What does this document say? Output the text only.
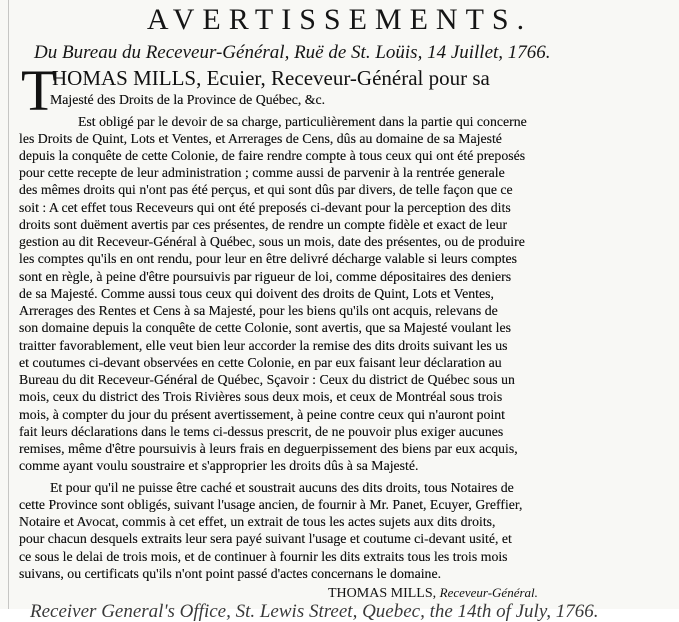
AVERTISSEMENTS.
Du Bureau du Receveur-Général, Ruë de St. Loüis, 14 Juillet, 1766.
T
HOMAS MILLS, Ecuier, Receveur-Général pour sa
Majesté des Droits de la Province de Québec, &c.
Est obligé par le devoir de sa charge, particulièrement dans la partie qui concerne
les Droits de Quint, Lots et Ventes, et Arrerages de Cens, dûs au domaine de sa Majesté
depuis la conquête de cette Colonie, de faire rendre compte à tous ceux qui ont été preposés
pour cette recepte de leur administration ; comme aussi de parvenir à la rentrée generale
des mêmes droits qui n'ont pas été perçus, et qui sont dûs par divers, de telle façon que ce
soit : A cet effet tous Receveurs qui ont été preposés ci-devant pour la perception des dits
droits sont duëment avertis par ces présentes, de rendre un compte fidèle et exact de leur
gestion au dit Receveur-Général à Québec, sous un mois, date des présentes, ou de produire
les comptes qu'ils en ont rendu, pour leur en être delivré décharge valable si leurs comptes
sont en règle, à peine d'être poursuivis par rigueur de loi, comme dépositaires des deniers
de sa Majesté. Comme aussi tous ceux qui doivent des droits de Quint, Lots et Ventes,
Arrerages des Rentes et Cens à sa Majesté, pour les biens qu'ils ont acquis, relevans de
son domaine depuis la conquête de cette Colonie, sont avertis, que sa Majesté voulant les
traitter favorablement, elle veut bien leur accorder la remise des dits droits suivant les us
et coutumes ci-devant observées en cette Colonie, en par eux faisant leur déclaration au
Bureau du dit Receveur-Général de Québec, Sçavoir : Ceux du district de Québec sous un
mois, ceux du district des Trois Rivières sous deux mois, et ceux de Montréal sous trois
mois, à compter du jour du présent avertissement, à peine contre ceux qui n'auront point
fait leurs déclarations dans le tems ci-dessus prescrit, de ne pouvoir plus exiger aucunes
remises, même d'être poursuivis à leurs frais en deguerpissement des biens par eux acquis,
comme ayant voulu soustraire et s'approprier les droits dûs à sa Majesté.
Et pour qu'il ne puisse être caché et soustrait aucuns des dits droits, tous Notaires de
cette Province sont obligés, suivant l'usage ancien, de fournir à Mr. Panet, Ecuyer, Greffier,
Notaire et Avocat, commis à cet effet, un extrait de tous les actes sujets aux dits droits,
pour chacun desquels extraits leur sera payé suivant l'usage et coutume ci-devant usité, et
ce sous le delai de trois mois, et de continuer à fournir les dits extraits tous les trois mois
suivans, ou certificats qu'ils n'ont point passé d'actes concernans le domaine.
THOMAS MILLS, Receveur-Général.
Receiver General's Office, St. Lewis Street, Quebec, the 14th of July, 1766.
